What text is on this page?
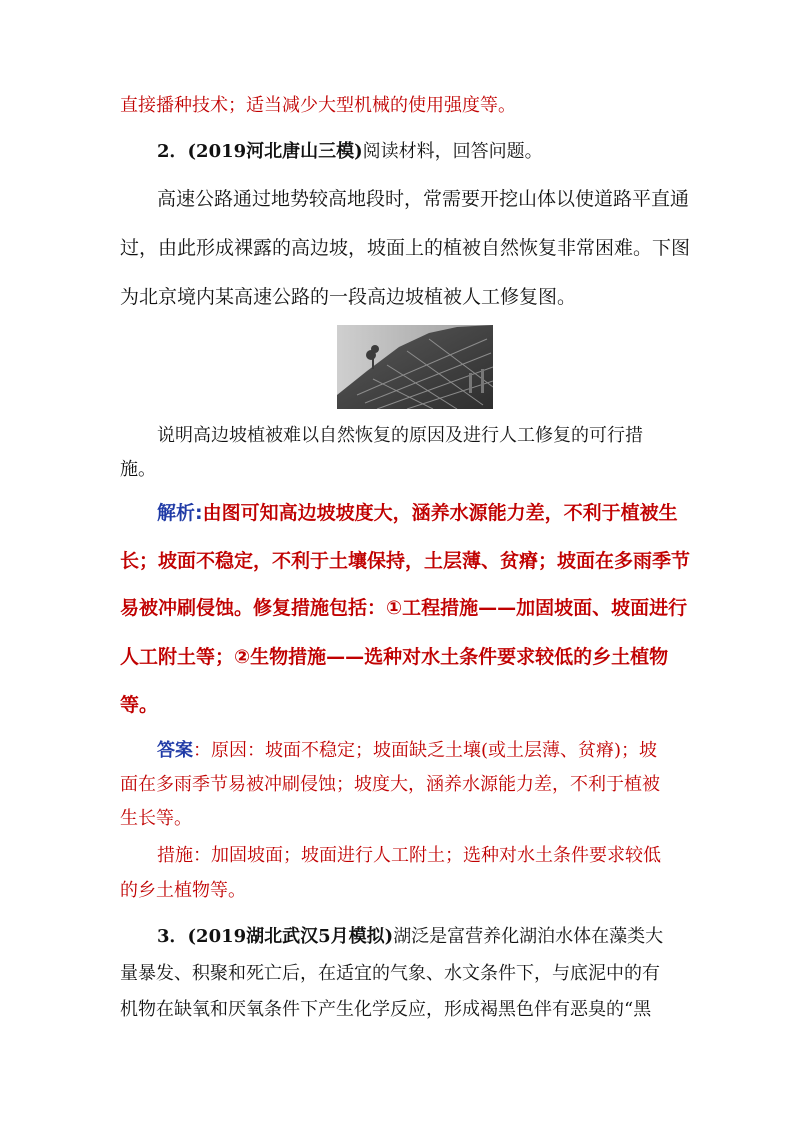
直接播种技术；适当减少大型机械的使用强度等。
2．(2019河北唐山三模)阅读材料，回答问题。
高速公路通过地势较高地段时，常需要开挖山体以使道路平直通
过，由此形成裸露的高边坡，坡面上的植被自然恢复非常困难。下图
为北京境内某高速公路的一段高边坡植被人工修复图。
说明高边坡植被难以自然恢复的原因及进行人工修复的可行措
施。
解析:由图可知高边坡坡度大，涵养水源能力差，不利于植被生
长；坡面不稳定，不利于土壤保持，土层薄、贫瘠；坡面在多雨季节
易被冲刷侵蚀。修复措施包括：①工程措施——加固坡面、坡面进行
人工附土等；②生物措施——选种对水土条件要求较低的乡土植物
等。
答案：原因：坡面不稳定；坡面缺乏土壤(或土层薄、贫瘠)；坡
面在多雨季节易被冲刷侵蚀；坡度大，涵养水源能力差，不利于植被
生长等。
措施：加固坡面；坡面进行人工附土；选种对水土条件要求较低
的乡土植物等。
3．(2019湖北武汉5月模拟)湖泛是富营养化湖泊水体在藻类大
量暴发、积聚和死亡后，在适宜的气象、水文条件下，与底泥中的有
机物在缺氧和厌氧条件下产生化学反应，形成褐黑色伴有恶臭的“黑
